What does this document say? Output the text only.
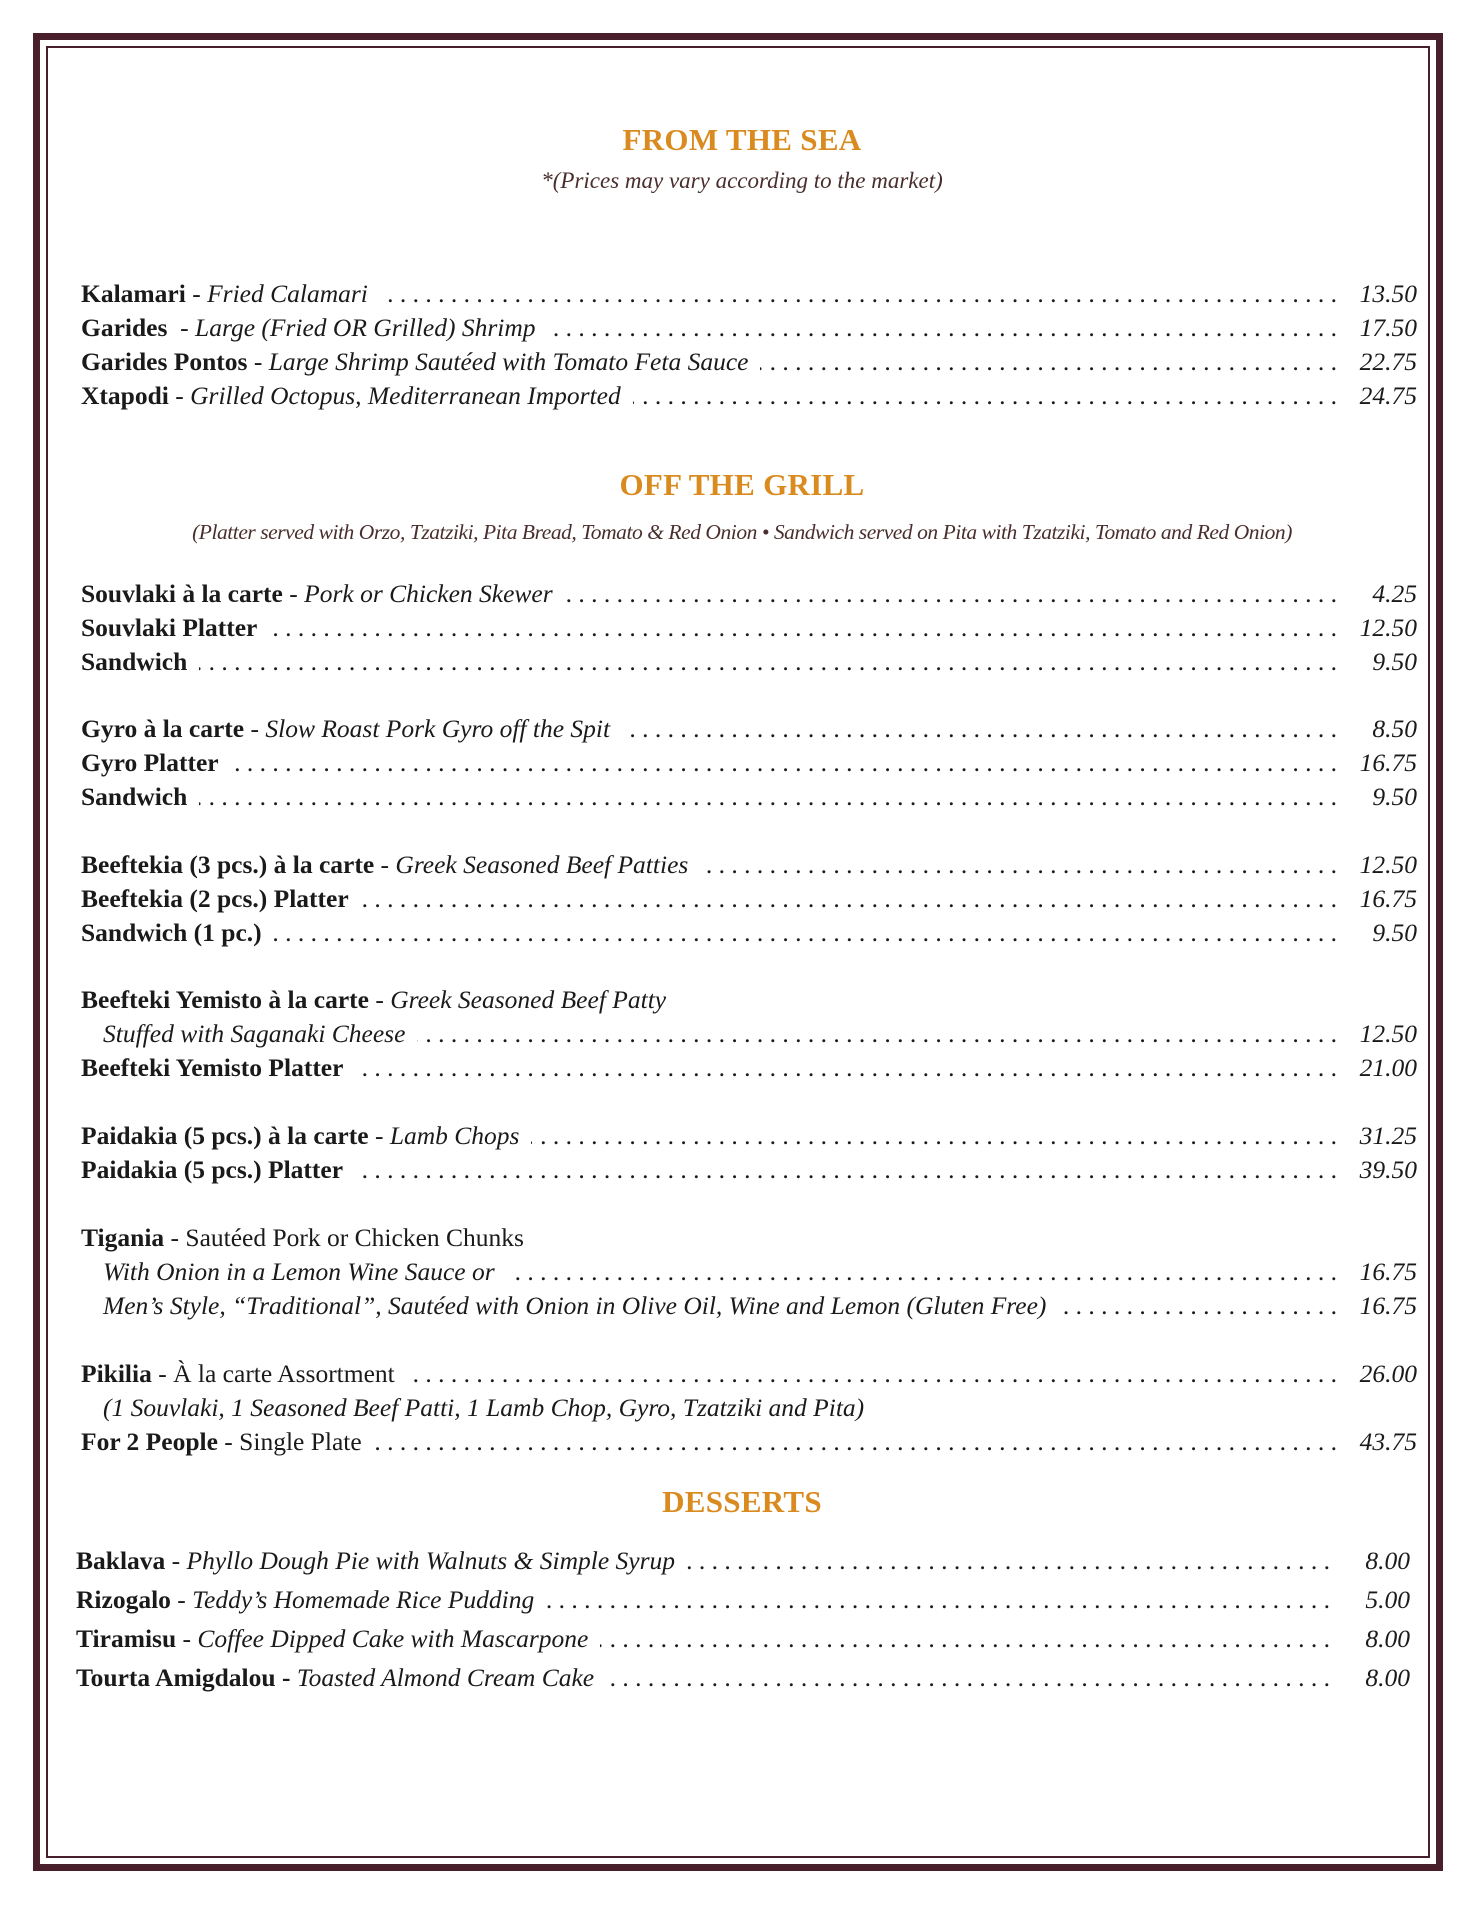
FROM THE SEA
*(Prices may vary according to the market)
Kalamari - Fried Calamari . . .	13.50
Garides - Large (Fried OR Grilled) Shrimp . . .	17.50
Garides Pontos - Large Shrimp Sautéed with Tomato Feta Sauce . . .	22.75
Xtapodi - Grilled Octopus, Mediterranean Imported . . .	24.75
OFF THE GRILL
(Platter served with Orzo, Tzatziki, Pita Bread, Tomato & Red Onion • Sandwich served on Pita with Tzatziki, Tomato and Red Onion)
Souvlaki à la carte - Pork or Chicken Skewer . . .	4.25
Souvlaki Platter . . .	12.50
Sandwich . . .	9.50
Gyro à la carte - Slow Roast Pork Gyro off the Spit . . .	8.50
Gyro Platter . . .	16.75
Sandwich . . .	9.50
Beeftekia (3 pcs.) à la carte - Greek Seasoned Beef Patties . . .	12.50
Beeftekia (2 pcs.) Platter . . .	16.75
Sandwich (1 pc.) . . .	9.50
Beefteki Yemisto à la carte - Greek Seasoned Beef Patty
Stuffed with Saganaki Cheese . . .	12.50
Beefteki Yemisto Platter . . .	21.00
Paidakia (5 pcs.) à la carte - Lamb Chops . . .	31.25
Paidakia (5 pcs.) Platter . . .	39.50
Tigania - Sautéed Pork or Chicken Chunks
With Onion in a Lemon Wine Sauce or . . .	16.75
Men’s Style, “Traditional”, Sautéed with Onion in Olive Oil, Wine and Lemon (Gluten Free) . . .	16.75
Pikilia - À la carte Assortment . . .	26.00
(1 Souvlaki, 1 Seasoned Beef Patti, 1 Lamb Chop, Gyro, Tzatziki and Pita)
For 2 People - Single Plate . . .	43.75
DESSERTS
Baklava - Phyllo Dough Pie with Walnuts & Simple Syrup . . .	8.00
Rizogalo - Teddy’s Homemade Rice Pudding . . .	5.00
Tiramisu - Coffee Dipped Cake with Mascarpone . . .	8.00
Tourta Amigdalou -
Toasted Almond Cream Cake . . .	8.00
